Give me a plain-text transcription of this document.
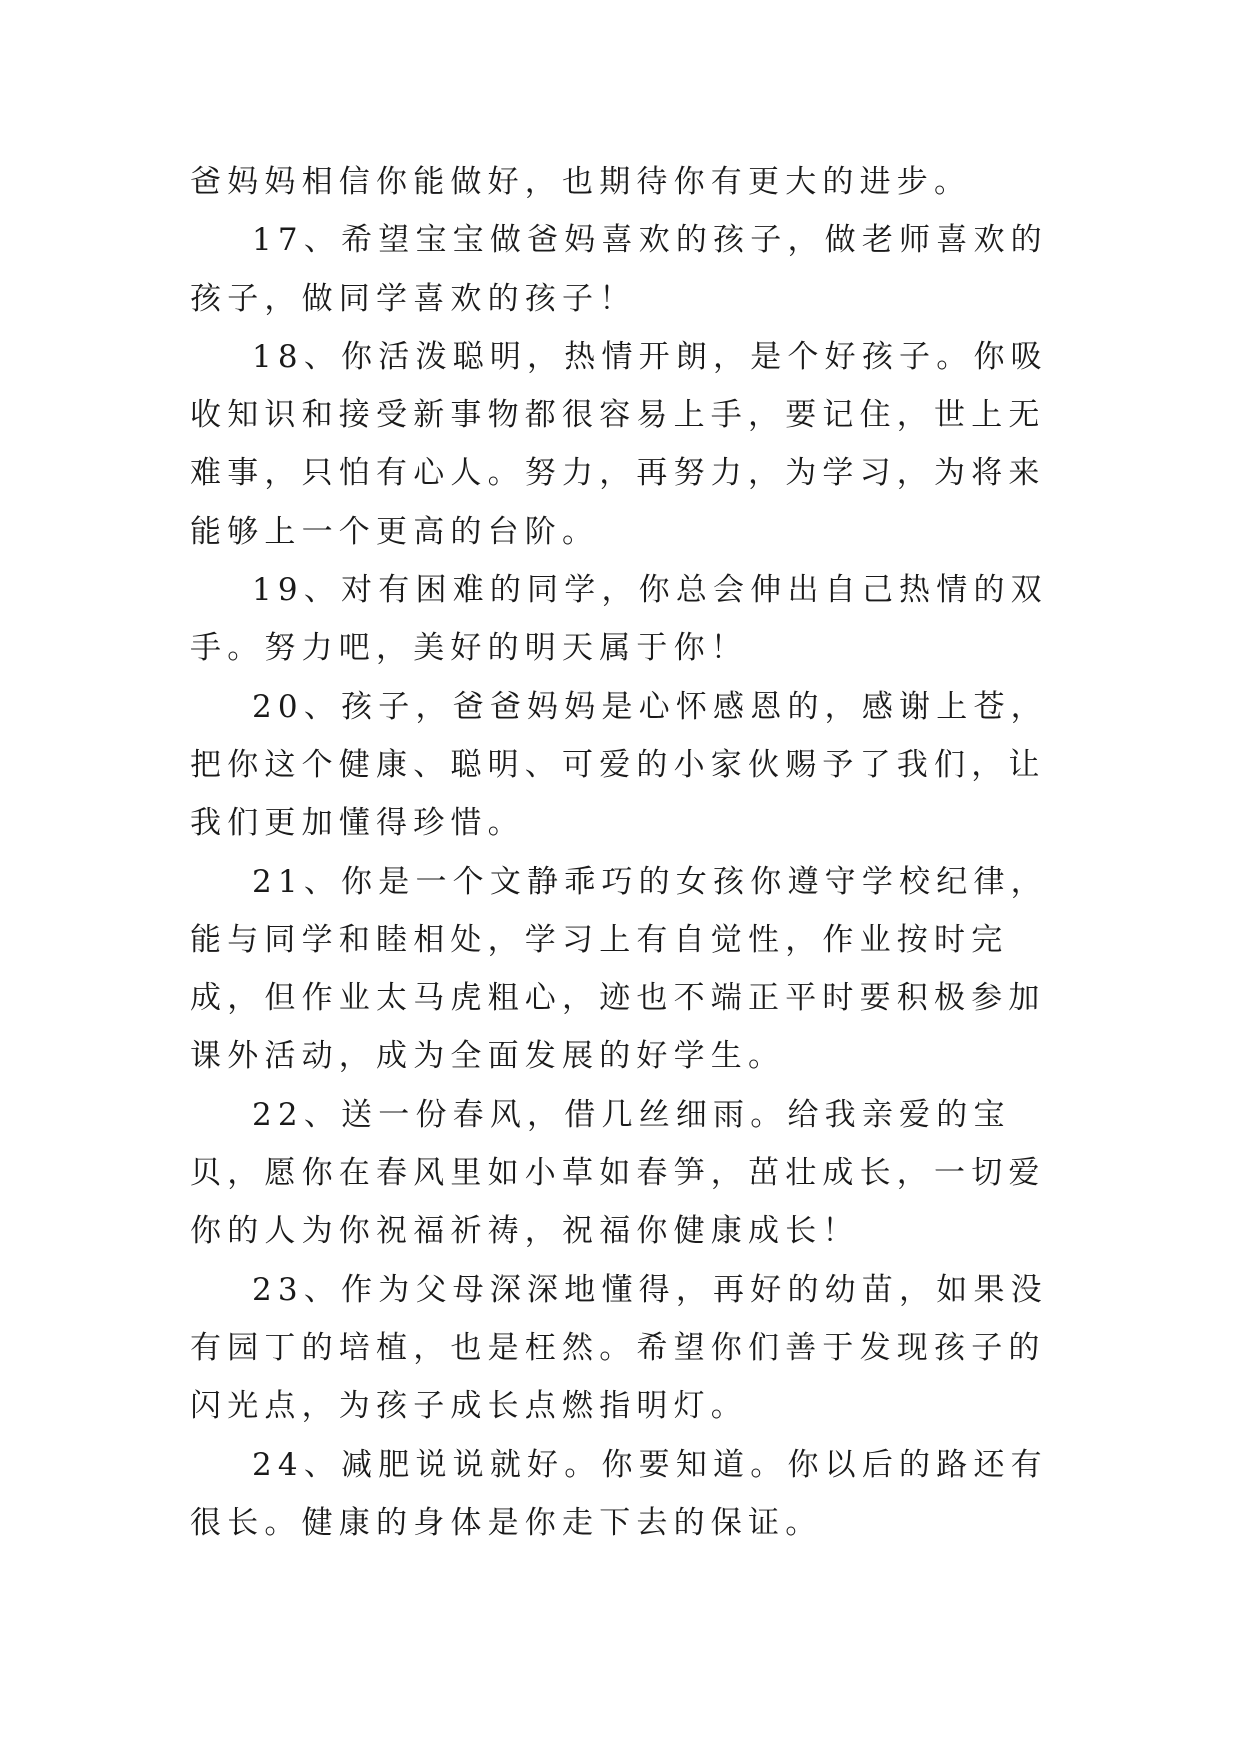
爸妈妈相信你能做好，也期待你有更大的进步。

17、希望宝宝做爸妈喜欢的孩子，做老师喜欢的孩子，做同学喜欢的孩子！

18、你活泼聪明，热情开朗，是个好孩子。你吸收知识和接受新事物都很容易上手，要记住，世上无难事，只怕有心人。努力，再努力，为学习，为将来能够上一个更高的台阶。

19、对有困难的同学，你总会伸出自己热情的双手。努力吧，美好的明天属于你！

20、孩子，爸爸妈妈是心怀感恩的，感谢上苍，把你这个健康、聪明、可爱的小家伙赐予了我们，让我们更加懂得珍惜。

21、你是一个文静乖巧的女孩你遵守学校纪律，能与同学和睦相处，学习上有自觉性，作业按时完成，但作业太马虎粗心，迹也不端正平时要积极参加课外活动，成为全面发展的好学生。

22、送一份春风，借几丝细雨。给我亲爱的宝贝，愿你在春风里如小草如春笋，茁壮成长，一切爱你的人为你祝福祈祷，祝福你健康成长！

23、作为父母深深地懂得，再好的幼苗，如果没有园丁的培植，也是枉然。希望你们善于发现孩子的闪光点，为孩子成长点燃指明灯。

24、减肥说说就好。你要知道。你以后的路还有很长。健康的身体是你走下去的保证。
